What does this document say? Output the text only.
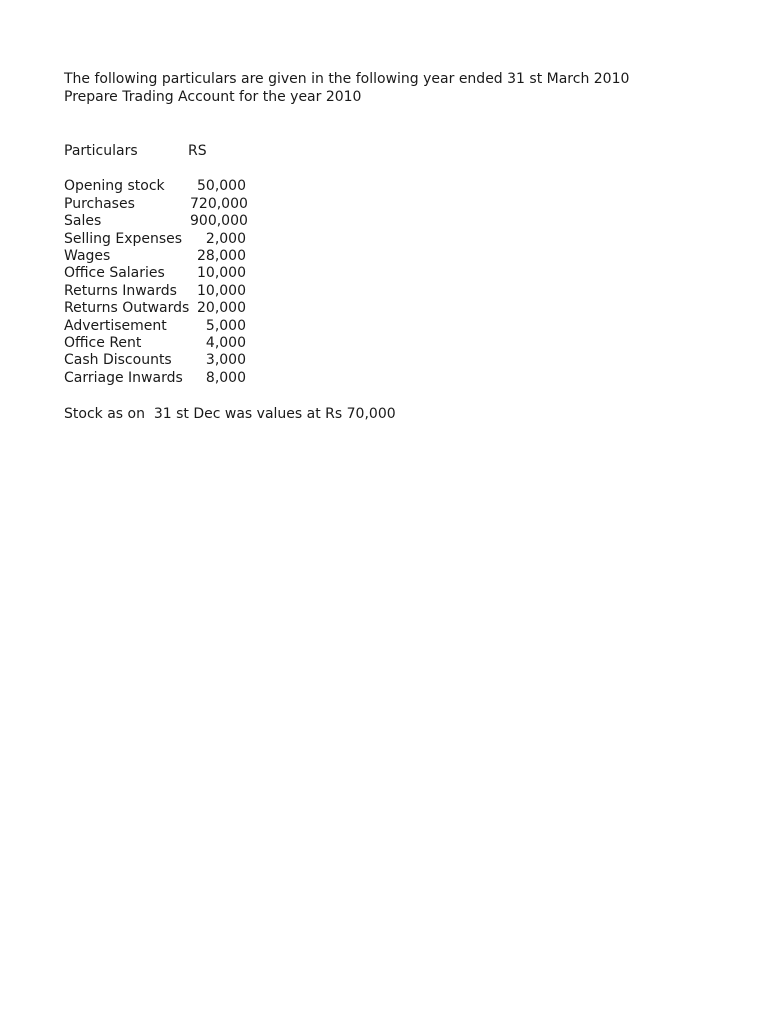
The following particulars are given in the following year ended 31 st March 2010
Prepare Trading Account for the year 2010
Particulars	RS
Opening stock	50,000
Purchases	720,000
Sales	900,000
Selling Expenses	2,000
Wages	28,000
Office Salaries	10,000
Returns Inwards	10,000
Returns Outwards 20,000
Advertisement	5,000
Office Rent	4,000
Cash Discounts	3,000
Carriage Inwards	8,000
Stock as on  31 st Dec was values at Rs 70,000
